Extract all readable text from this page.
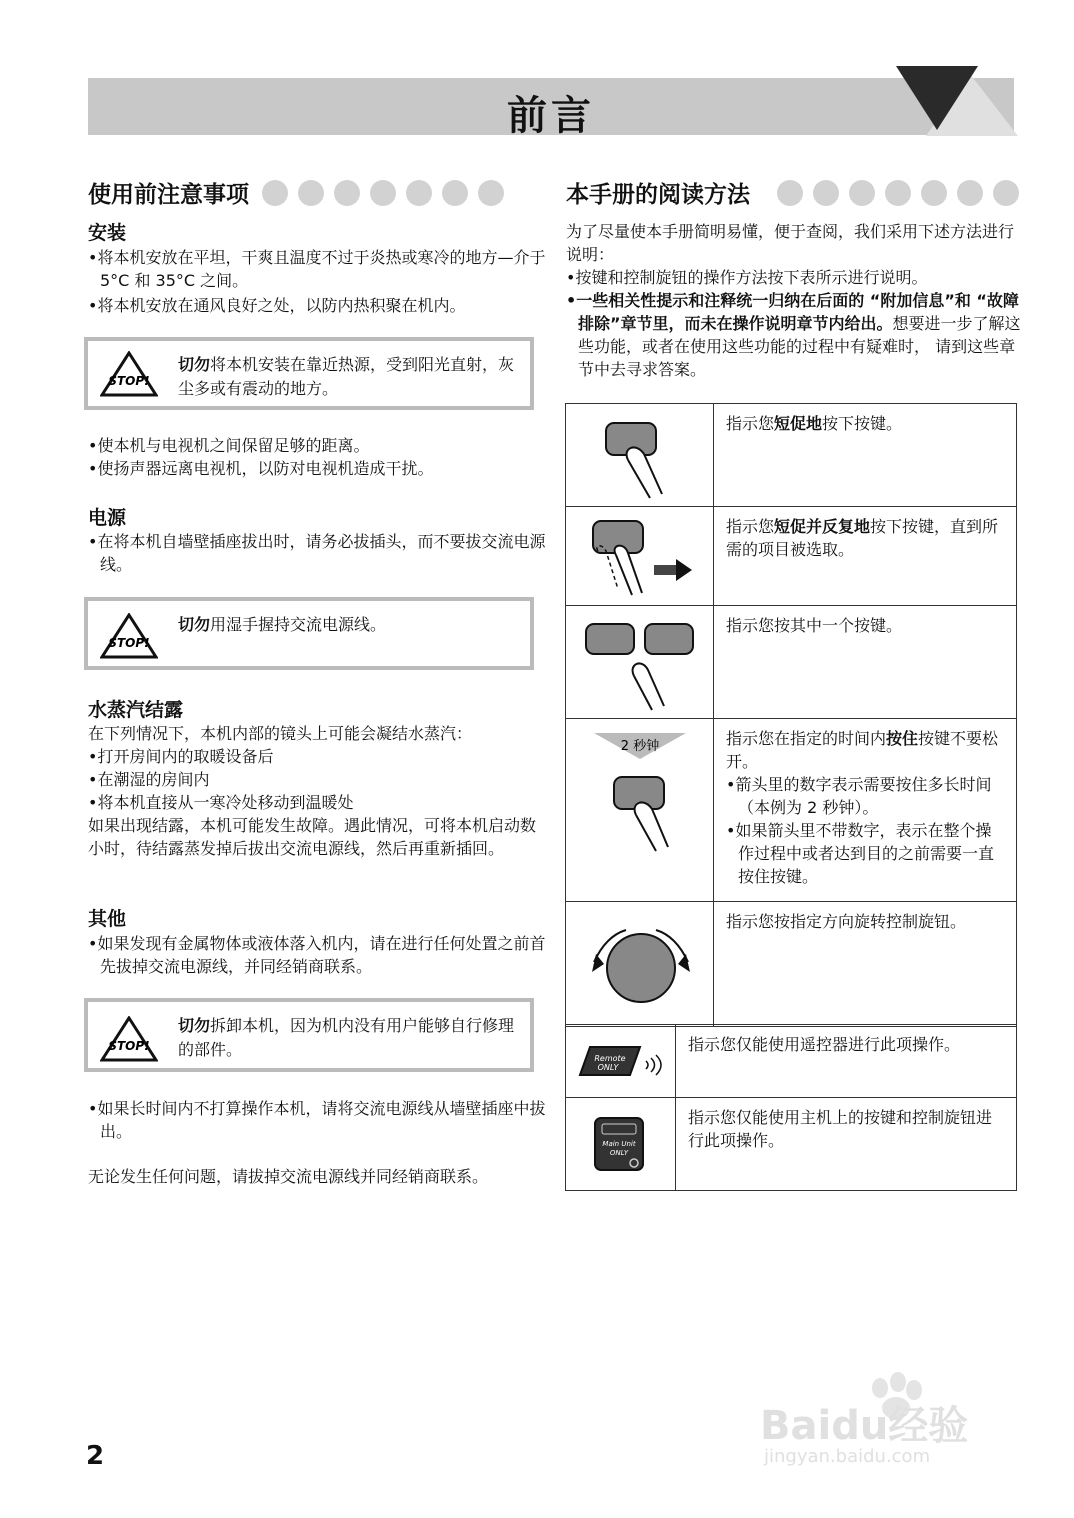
前言
使用前注意事项
安装
•将本机安放在平坦，干爽且温度不过于炎热或寒冷的地方—介于 5°C 和 35°C 之间。
•将本机安放在通风良好之处，以防内热积聚在机内。
STOP!
切勿将本机安装在靠近热源，受到阳光直射，灰尘多或有震动的地方。
•使本机与电视机之间保留足够的距离。
•使扬声器远离电视机，以防对电视机造成干扰。
电源
•在将本机自墙壁插座拔出时，请务必拔插头，而不要拔交流电源线。
STOP!
切勿用湿手握持交流电源线。
水蒸汽结露
在下列情况下，本机内部的镜头上可能会凝结水蒸汽：
•打开房间内的取暖设备后
•在潮湿的房间内
•将本机直接从一寒冷处移动到温暖处
如果出现结露，本机可能发生故障。遇此情况，可将本机启动数小时，待结露蒸发掉后拔出交流电源线，然后再重新插回。
其他
•如果发现有金属物体或液体落入机内，请在进行任何处置之前首先拔掉交流电源线，并同经销商联系。
STOP!
切勿拆卸本机，因为机内没有用户能够自行修理的部件。
•如果长时间内不打算操作本机，请将交流电源线从墙壁插座中拔出。
无论发生任何问题，请拔掉交流电源线并同经销商联系。
本手册的阅读方法
为了尽量使本手册简明易懂，便于查阅，我们采用下述方法进行说明：
•按键和控制旋钮的操作方法按下表所示进行说明。
•一些相关性提示和注释统一归纳在后面的 “附加信息”和 “故障排除”章节里，而未在操作说明章节内给出。想要进一步了解这些功能，或者在使用这些功能的过程中有疑难时， 请到这些章节中去寻求答案。
	指示您短促地按下按键。
	指示您短促并反复地按下按键，直到所需的项目被选取。
	指示您按其中一个按键。

2 秒钟	指示您在指定的时间内按住按键不要松开。
•箭头里的数字表示需要按住多长时间（本例为 2 秒钟）。
•如果箭头里不带数字，表示在整个操作过程中或者达到目的之前需要一直按住按键。

	指示您按指定方向旋转控制旋钮。
Remote
ONLY	指示您仅能使用遥控器进行此项操作。

Main Unit
ONLY	指示您仅能使用主机上的按键和控制旋钮进行此项操作。
2
Baidu经验
jingyan.baidu.com
